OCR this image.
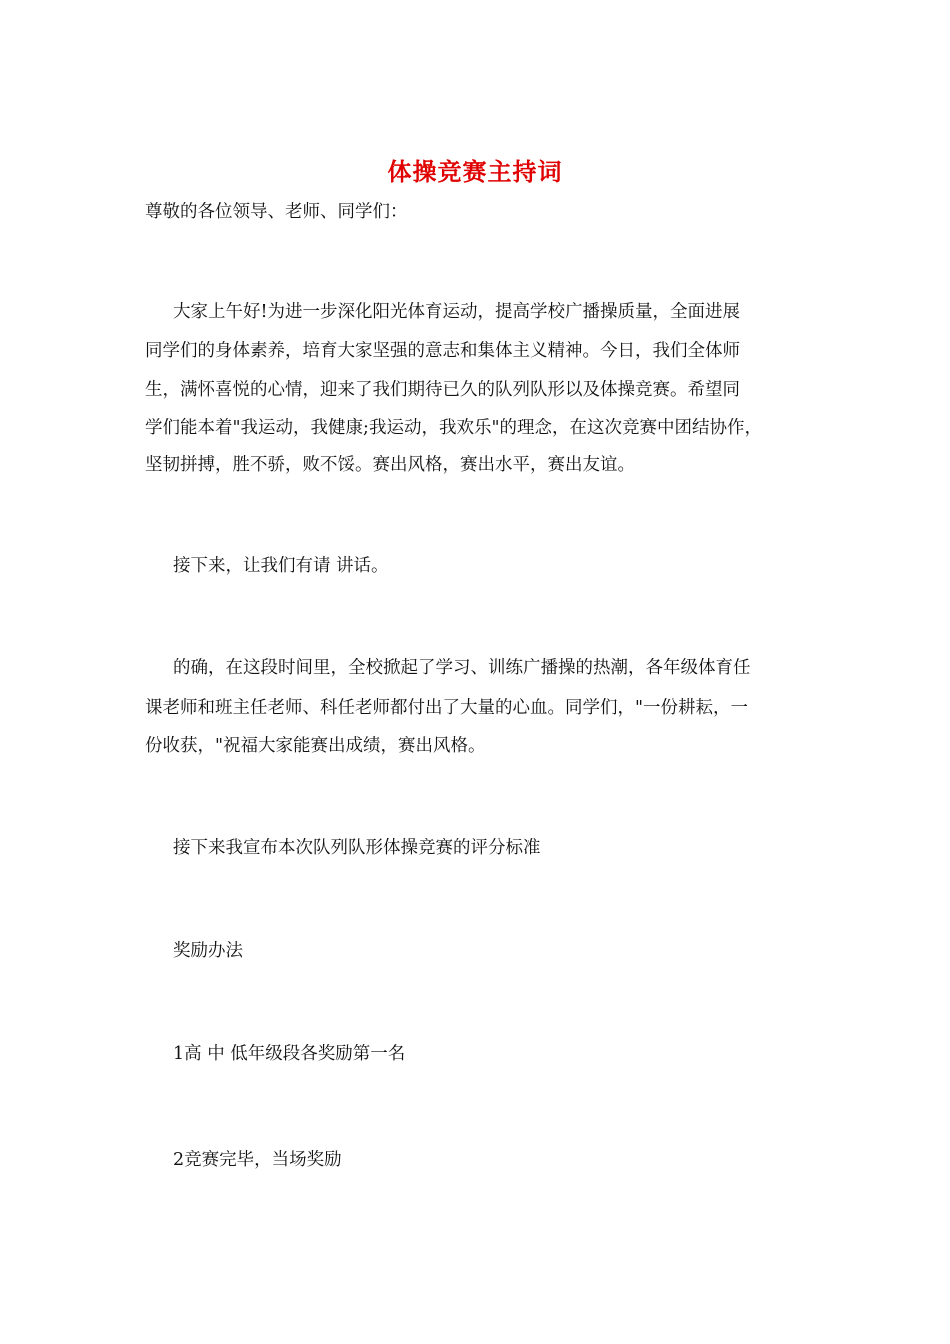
体操竞赛主持词
尊敬的各位领导、老师、同学们：
大家上午好!为进一步深化阳光体育运动，提高学校广播操质量，全面进展
同学们的身体素养，培育大家坚强的意志和集体主义精神。今日，我们全体师
生，满怀喜悦的心情，迎来了我们期待已久的队列队形以及体操竞赛。希望同
学们能本着"我运动，我健康;我运动，我欢乐"的理念，在这次竞赛中团结协作，
坚韧拼搏，胜不骄，败不馁。赛出风格，赛出水平，赛出友谊。
接下来，让我们有请 讲话。
的确，在这段时间里，全校掀起了学习、训练广播操的热潮，各年级体育任
课老师和班主任老师、科任老师都付出了大量的心血。同学们，"一份耕耘，一
份收获，"祝福大家能赛出成绩，赛出风格。
接下来我宣布本次队列队形体操竞赛的评分标准
奖励办法
1高 中 低年级段各奖励第一名
2竞赛完毕，当场奖励
